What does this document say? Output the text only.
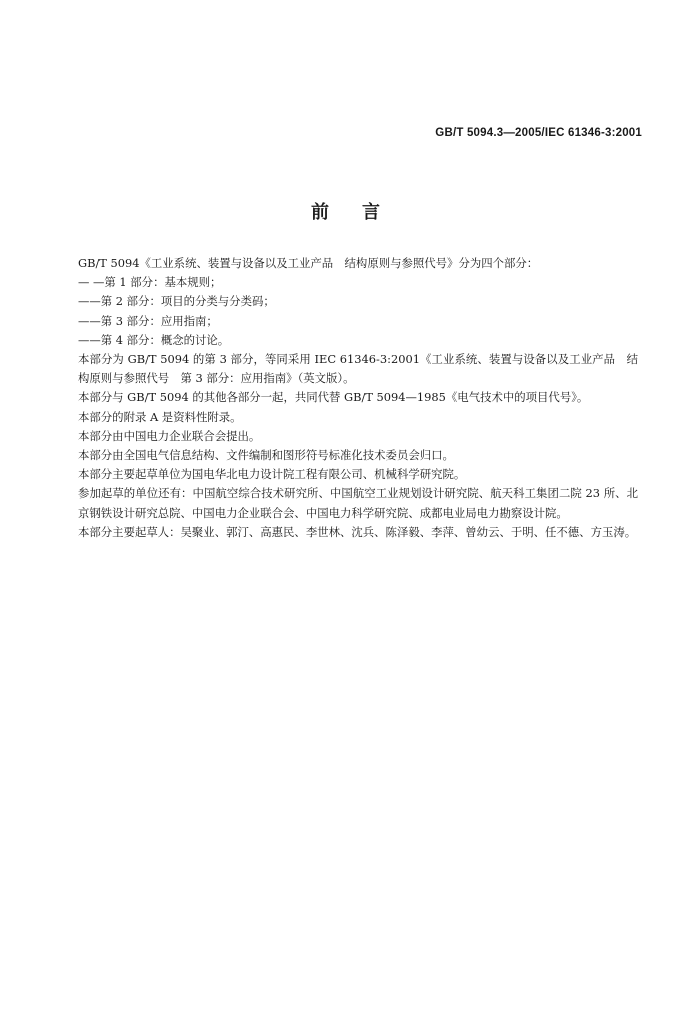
GB/T 5094.3—2005/IEC 61346-3:2001
前言

GB/T 5094《工业系统、装置与设备以及工业产品　结构原则与参照代号》分为四个部分：

— —第 1 部分：基本规则；

——第 2 部分：项目的分类与分类码；

——第 3 部分：应用指南；

——第 4 部分：概念的讨论。

本部分为 GB/T 5094 的第 3 部分，等同采用 IEC 61346-3:2001《工业系统、装置与设备以及工业产品　结构原则与参照代号　第 3 部分：应用指南》（英文版）。

本部分与 GB/T 5094 的其他各部分一起，共同代替 GB/T 5094—1985《电气技术中的项目代号》。

本部分的附录 A 是资料性附录。

本部分由中国电力企业联合会提出。

本部分由全国电气信息结构、文件编制和图形符号标准化技术委员会归口。

本部分主要起草单位为国电华北电力设计院工程有限公司、机械科学研究院。

参加起草的单位还有：中国航空综合技术研究所、中国航空工业规划设计研究院、航天科工集团二院 23 所、北京钢铁设计研究总院、中国电力企业联合会、中国电力科学研究院、成都电业局电力勘察设计院。

本部分主要起草人：吴聚业、郭汀、高惠民、李世林、沈兵、陈泽毅、李萍、曾幼云、于明、任不德、方玉涛。
